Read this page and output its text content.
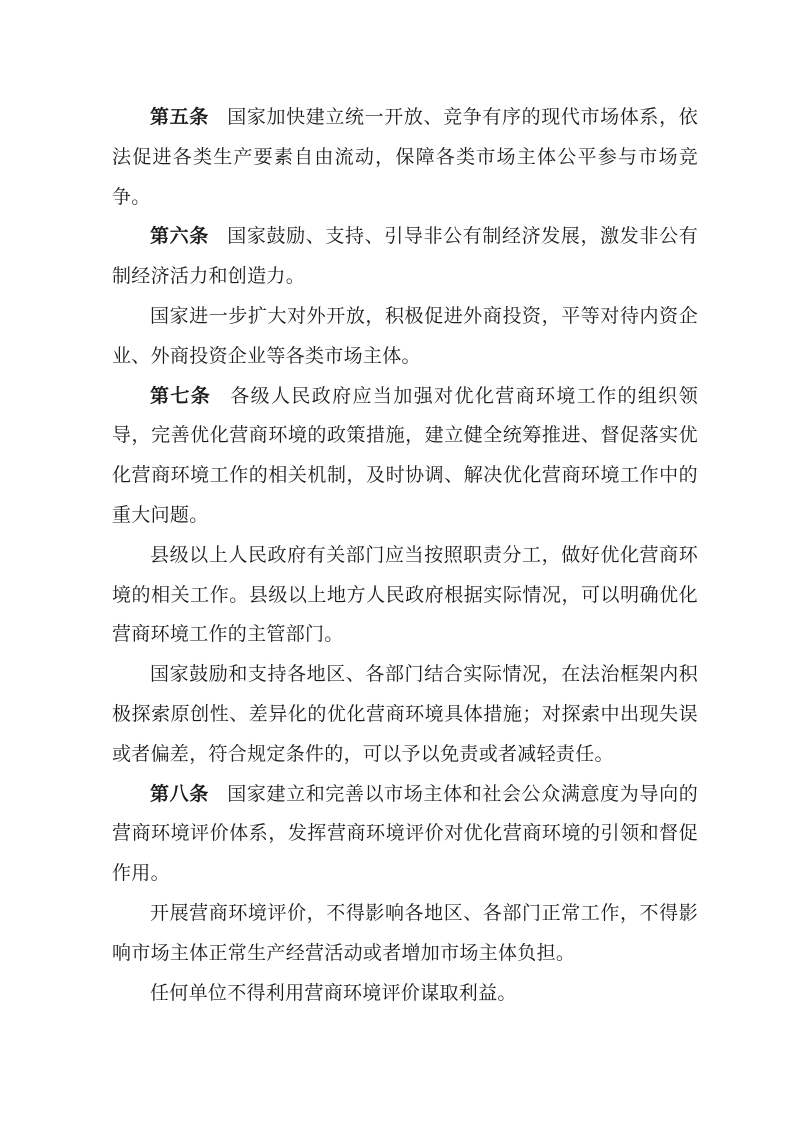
第五条 国家加快建立统一开放、竞争有序的现代市场体系，依法促进各类生产要素自由流动，保障各类市场主体公平参与市场竞争。

第六条 国家鼓励、支持、引导非公有制经济发展，激发非公有制经济活力和创造力。

国家进一步扩大对外开放，积极促进外商投资，平等对待内资企业、外商投资企业等各类市场主体。

第七条 各级人民政府应当加强对优化营商环境工作的组织领导，完善优化营商环境的政策措施，建立健全统筹推进、督促落实优化营商环境工作的相关机制，及时协调、解决优化营商环境工作中的重大问题。

县级以上人民政府有关部门应当按照职责分工，做好优化营商环境的相关工作。县级以上地方人民政府根据实际情况，可以明确优化营商环境工作的主管部门。

国家鼓励和支持各地区、各部门结合实际情况，在法治框架内积极探索原创性、差异化的优化营商环境具体措施；对探索中出现失误或者偏差，符合规定条件的，可以予以免责或者减轻责任。

第八条 国家建立和完善以市场主体和社会公众满意度为导向的营商环境评价体系，发挥营商环境评价对优化营商环境的引领和督促作用。

开展营商环境评价，不得影响各地区、各部门正常工作，不得影响市场主体正常生产经营活动或者增加市场主体负担。

任何单位不得利用营商环境评价谋取利益。
